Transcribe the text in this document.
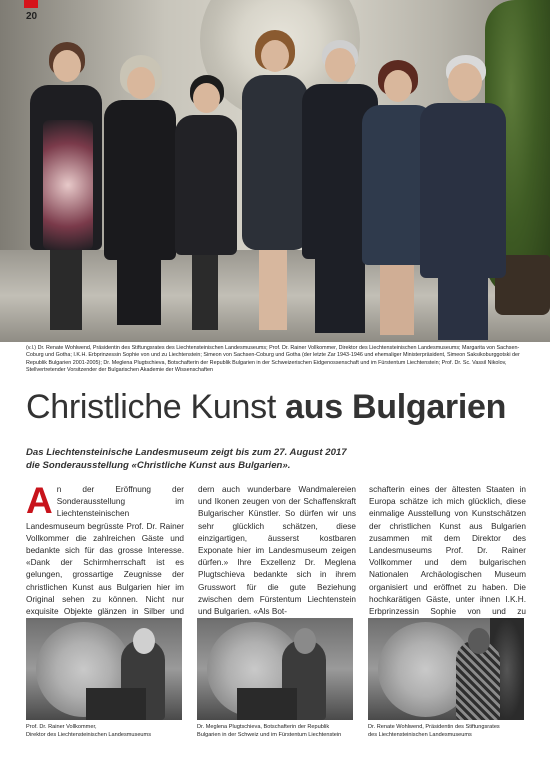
20
(v.l.) Dr. Renate Wohlwend, Präsidentin des Stiftungsrates des Liechtensteinischen Landesmuseums; Prof. Dr. Rainer Vollkommer, Direktor des Liechtensteinischen Landesmuseums; Margarita von Sachsen-Coburg und Gotha; I.K.H. Erbprinzessin Sophie von und zu Liechtenstein; Simeon von Sachsen-Coburg und Gotha (der letzte Zar 1943-1946 und ehemaliger Ministerpräsident, Simeon Saksikoburggotski der Republik Bulgarien 2001-2005); Dr. Meglena Plugtschieva, Botschafterin der Republik Bulgarien in der Schweizerischen Eidgenossenschaft und im Fürstentum Liechtenstein; Prof. Dr. Sc. Vassil Nikolov, Stellvertretender Vorsitzender der Bulgarischen Akademie der Wissenschaften
Christliche Kunst aus Bulgarien
Das Liechtensteinische Landesmuseum zeigt bis zum 27. August 2017
die Sonderausstellung «Christliche Kunst aus Bulgarien».
An der Eröffnung der Sonderausstellung im Liechtensteinischen Landesmuseum begrüsste Prof. Dr. Rainer Vollkommer die zahlreichen Gäste und bedankte sich für das grosse Interesse. «Dank der Schirmherrschaft ist es gelungen, grossartige Zeugnisse der christlichen Kunst aus Bulgarien hier im Original sehen zu können. Nicht nur exquisite Objekte glänzen in Silber und
dern auch wunderbare Wandmalereien und Ikonen zeugen von der Schaffenskraft Bulgarischer Künstler. So dürfen wir uns sehr glücklich schätzen, diese einzigartigen, äusserst kostbaren Exponate hier im Landesmuseum zeigen dürfen.» Ihre Exzellenz Dr. Meglena Plugtschieva bedankte sich in ihrem Grusswort für die gute Beziehung zwischen dem Fürstentum Liechtenstein und Bulgarien. «Als Bot-
schafterin eines der ältesten Staaten in Europa schätze ich mich glücklich, diese einmalige Ausstellung von Kunstschätzen der christlichen Kunst aus Bulgarien zusammen mit dem Direktor des Landesmuseums Prof. Dr. Rainer Vollkommer und dem bulgarischen Nationalen Archäologischen Museum organisiert und eröffnet zu haben. Die hochkarätigen Gäste, unter ihnen I.K.H. Erbprinzessin Sophie von und zu
Prof. Dr. Rainer Vollkommer,
Direktor des Liechtensteinischen Landesmuseums
Dr. Meglena Plugtschieva, Botschafterin der Republik
Bulgarien in der Schweiz und im Fürstentum Liechtenstein
Dr. Renate Wohlwend, Präsidentin des Stiftungsrates
des Liechtensteinischen Landesmuseums
